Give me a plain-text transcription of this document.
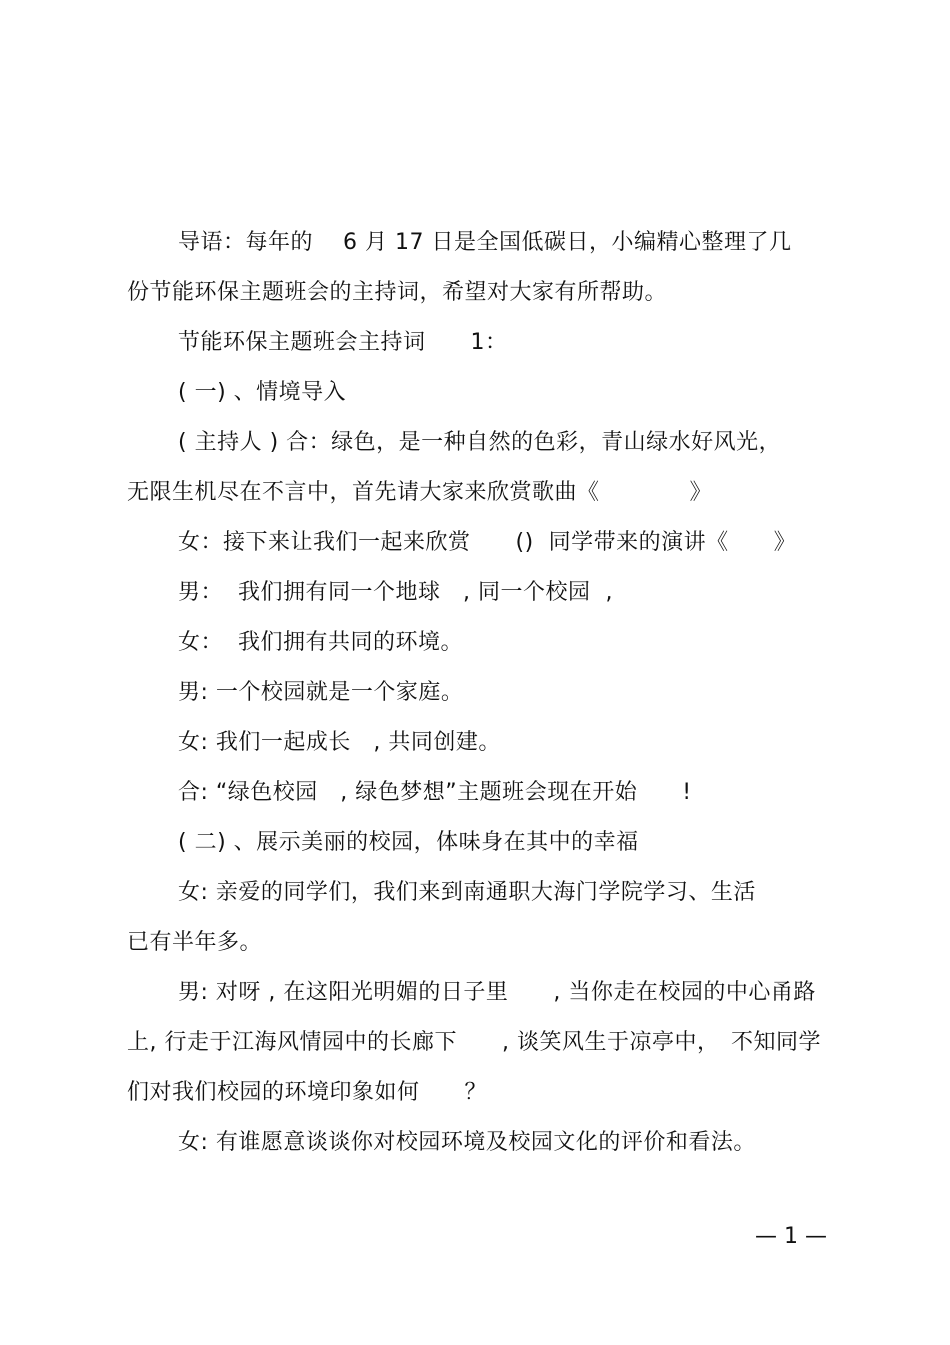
导语：每年的　 6 月 17 日是全国低碳日，小编精心整理了几
份节能环保主题班会的主持词，希望对大家有所帮助。
节能环保主题班会主持词　　1：
( 一) 、情境导入
( 主持人 ) 合：绿色，是一种自然的色彩，青山绿水好风光，
无限生机尽在不言中，首先请大家来欣赏歌曲《　　　　》
女：接下来让我们一起来欣赏　　()  同学带来的演讲《　　》
男：  我们拥有同一个地球　, 同一个校园  ,
女：  我们拥有共同的环境。
男: 一个校园就是一个家庭。
女: 我们一起成长　, 共同创建。
合: “绿色校园　, 绿色梦想”主题班会现在开始　　!
( 二) 、展示美丽的校园，体味身在其中的幸福
女: 亲爱的同学们，我们来到南通职大海门学院学习、生活
已有半年多。
男: 对呀 , 在这阳光明媚的日子里　　, 当你走在校园的中心甬路
上, 行走于江海风情园中的长廊下　　, 谈笑风生于凉亭中，　不知同学
们对我们校园的环境印象如何　　？
女: 有谁愿意谈谈你对校园环境及校园文化的评价和看法。
— 1 —
